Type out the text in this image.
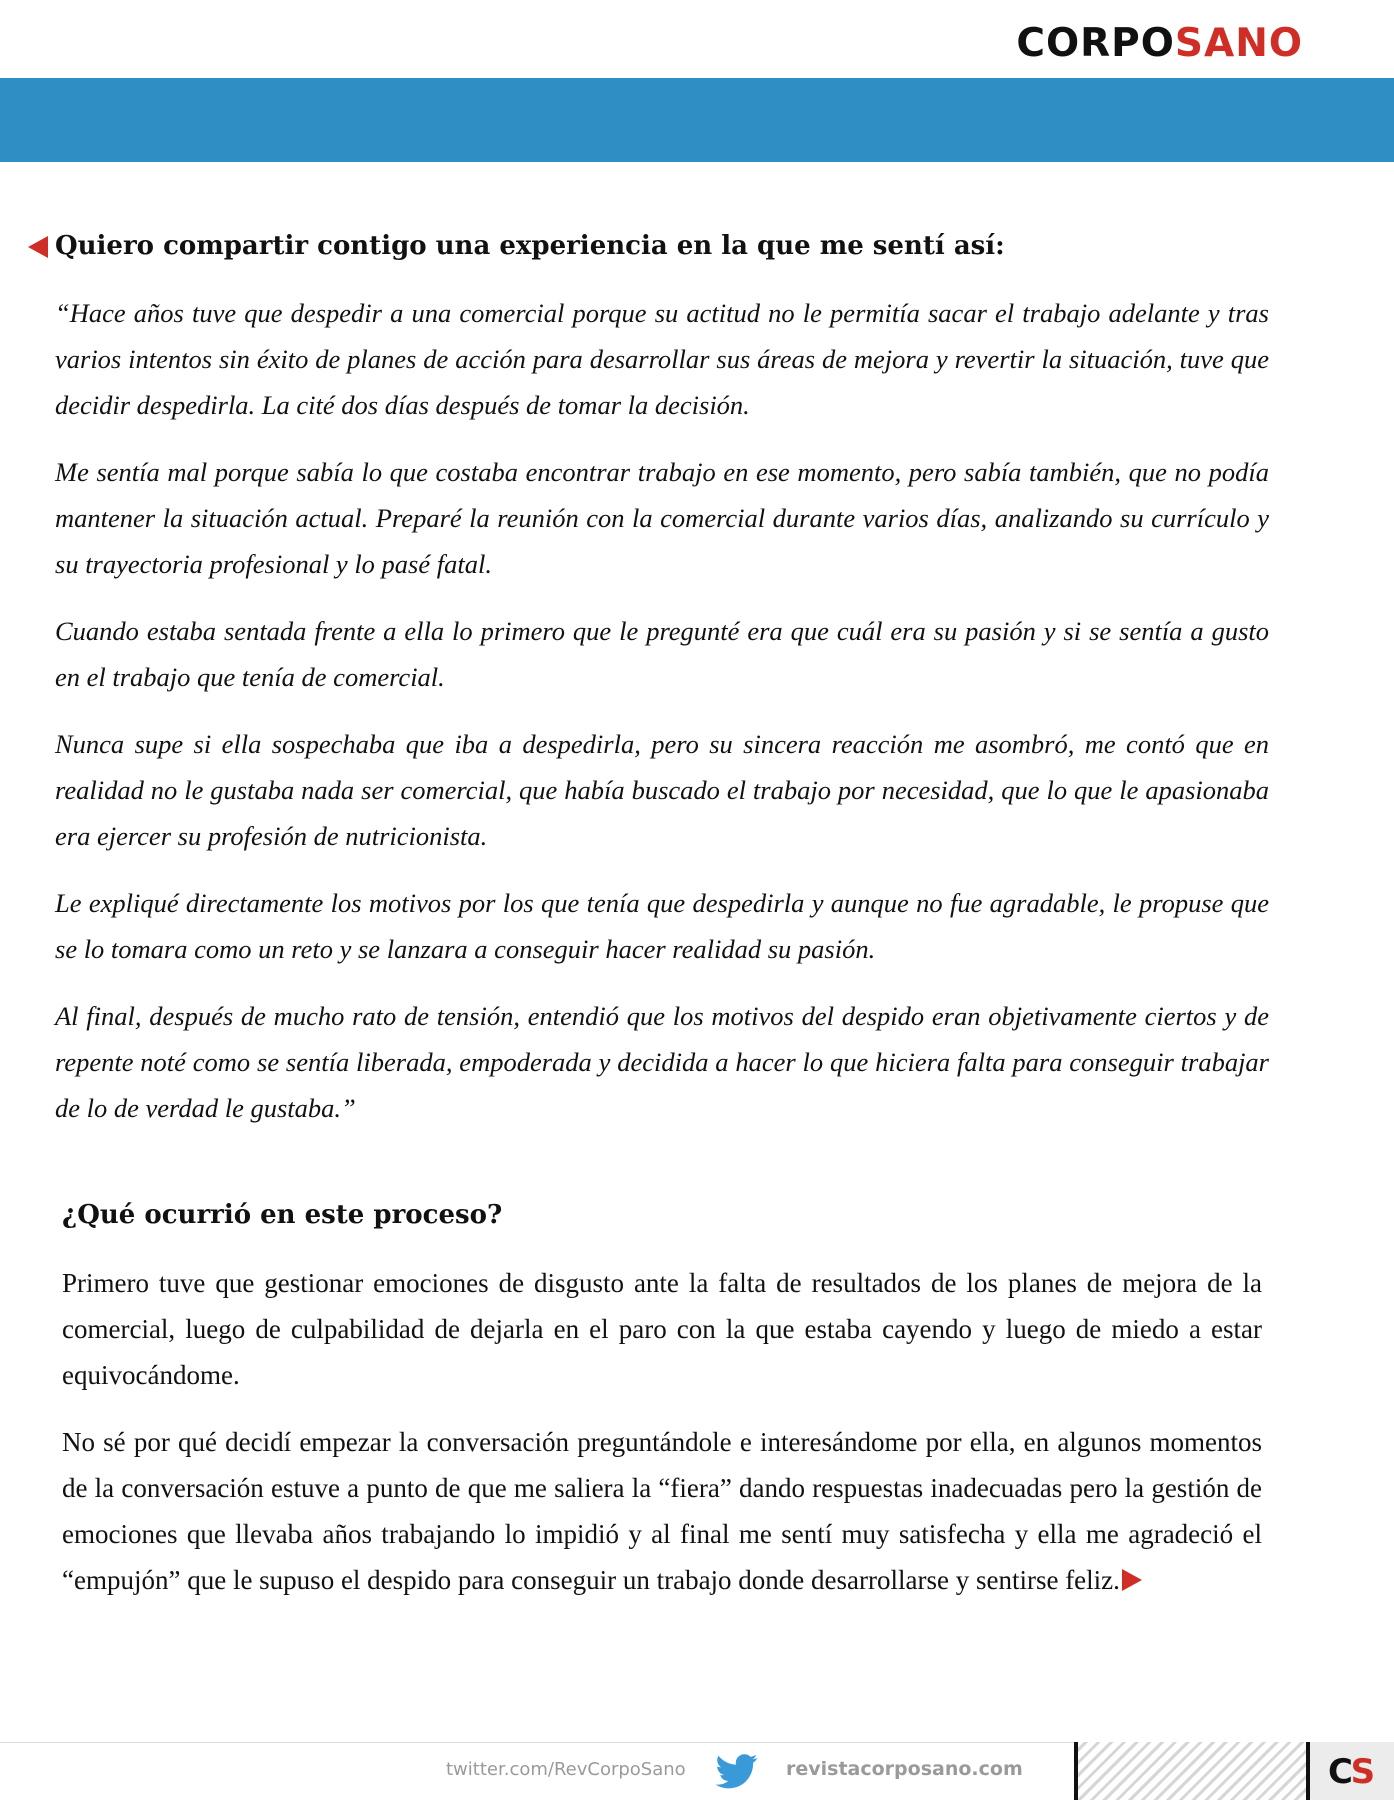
CORPOSANO
Quiero compartir contigo una experiencia en la que me sentí así:

“Hace años tuve que despedir a una comercial porque su actitud no le permitía sacar el trabajo adelante y tras varios intentos sin éxito de planes de acción para desarrollar sus áreas de mejora y revertir la situación, tuve que decidir despedirla. La cité dos días después de tomar la decisión.

Me sentía mal porque sabía lo que costaba encontrar trabajo en ese momento, pero sabía también, que no podía mantener la situación actual. Preparé la reunión con la comercial durante varios días, analizando su currículo y su trayectoria profesional y lo pasé fatal.

Cuando estaba sentada frente a ella lo primero que le pregunté era que cuál era su pasión y si se sentía a gusto en el trabajo que tenía de comercial.

Nunca supe si ella sospechaba que iba a despedirla, pero su sincera reacción me asombró, me contó que en realidad no le gustaba nada ser comercial, que había buscado el trabajo por necesidad, que lo que le apasionaba era ejercer su profesión de nutricionista.

Le expliqué directamente los motivos por los que tenía que despedirla y aunque no fue agradable, le propuse que se lo tomara como un reto y se lanzara a conseguir hacer realidad su pasión.

Al final, después de mucho rato de tensión, entendió que los motivos del despido eran objetivamente ciertos y de repente noté como se sentía liberada, empoderada y decidida a hacer lo que hiciera falta para conseguir trabajar de lo de verdad le gustaba.”

¿Qué ocurrió en este proceso?

Primero tuve que gestionar emociones de disgusto ante la falta de resultados de los planes de mejora de la comercial, luego de culpabilidad de dejarla en el paro con la que estaba cayendo y luego de miedo a estar equivocándome.

No sé por qué decidí empezar la conversación preguntándole e interesándome por ella, en algunos momentos de la conversación estuve a punto de que me saliera la “fiera” dando respuestas inadecuadas pero la gestión de emociones que llevaba años trabajando lo impidió y al final me sentí muy satisfecha y ella me agradeció el “empujón” que le supuso el despido para conseguir un trabajo donde desarrollarse y sentirse feliz.

twitter.com/RevCorpoSano	revistacorposano.com	CS
